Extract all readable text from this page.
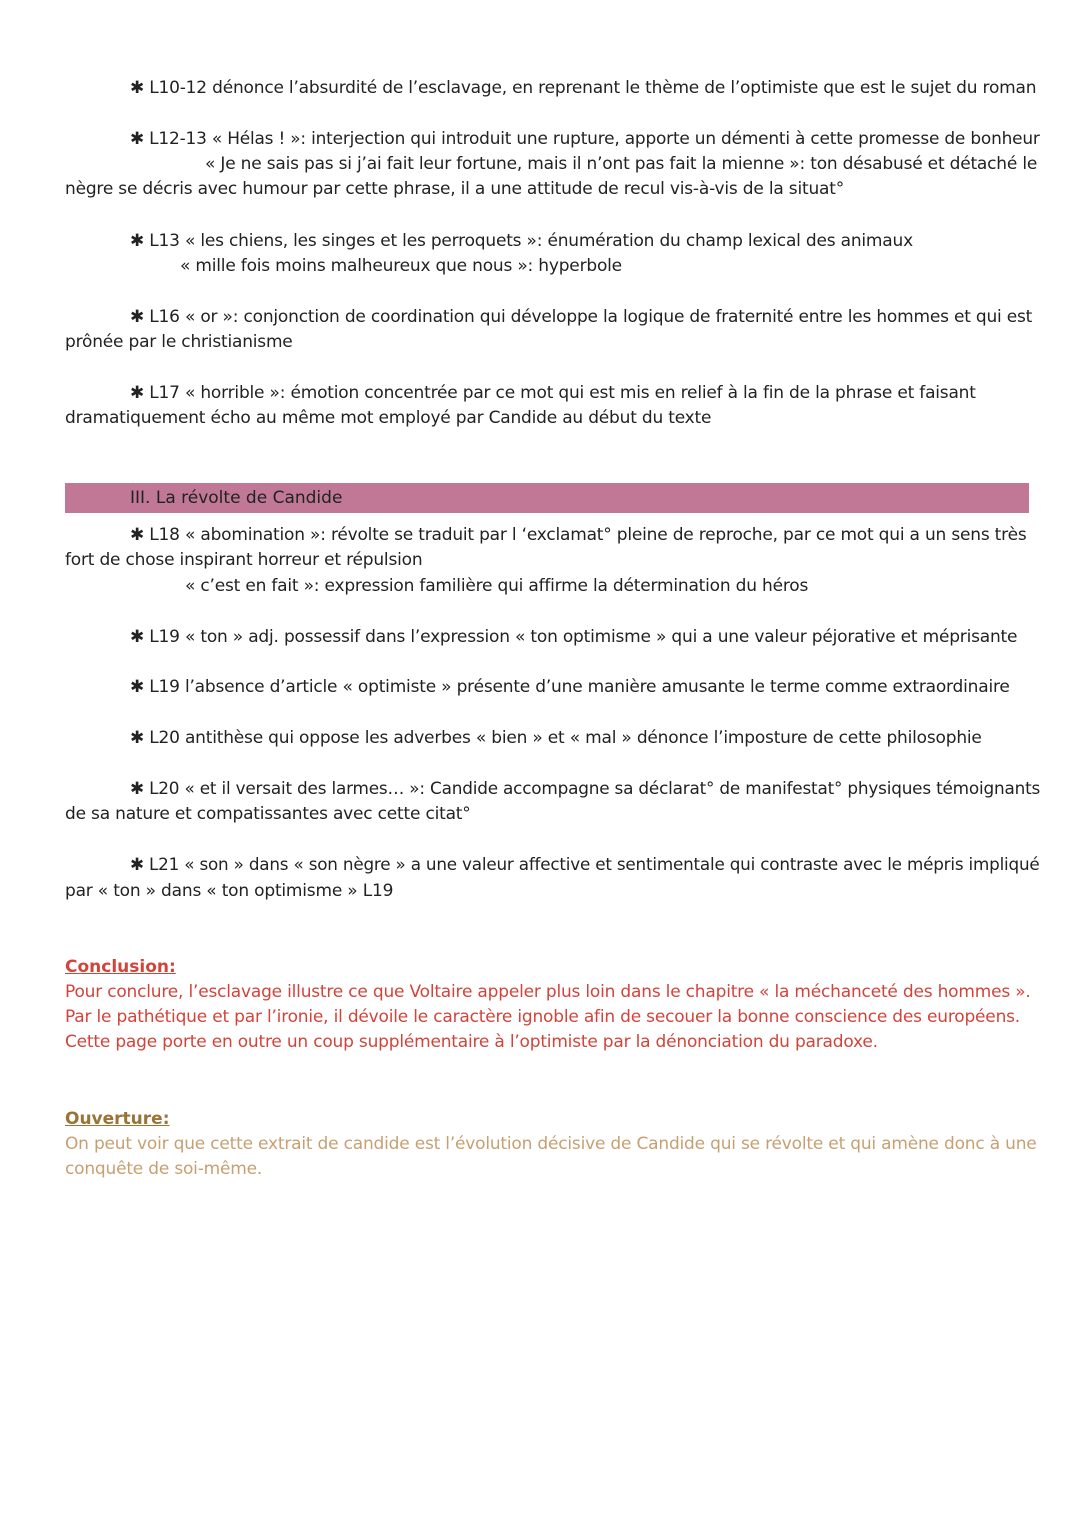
✱ L10-12 dénonce l’absurdité de l’esclavage, en reprenant le thème de l’optimiste que est le sujet du roman
✱ L12-13 « Hélas ! »: interjection qui introduit une rupture, apporte un démenti à cette promesse de bonheur
« Je ne sais pas si j’ai fait leur fortune, mais il n’ont pas fait la mienne »: ton désabusé et détaché le
nègre se décris avec humour par cette phrase, il a une attitude de recul vis-à-vis de la situat°
✱ L13 « les chiens, les singes et les perroquets »: énumération du champ lexical des animaux
« mille fois moins malheureux que nous »: hyperbole
✱ L16 « or »: conjonction de coordination qui développe la logique de fraternité entre les hommes et qui est
prônée par le christianisme
✱ L17 « horrible »: émotion concentrée par ce mot qui est mis en relief à la fin de la phrase et faisant
dramatiquement écho au même mot employé par Candide au début du texte
III. La révolte de Candide
✱ L18 « abomination »: révolte se traduit par l ‘exclamat° pleine de reproche, par ce mot qui a un sens très
fort de chose inspirant horreur et répulsion
« c’est en fait »: expression familière qui affirme la détermination du héros
✱ L19 « ton » adj. possessif dans l’expression « ton optimisme » qui a une valeur péjorative et méprisante
✱ L19 l’absence d’article « optimiste » présente d’une manière amusante le terme comme extraordinaire
✱ L20 antithèse qui oppose les adverbes « bien » et « mal » dénonce l’imposture de cette philosophie
✱ L20 « et il versait des larmes… »: Candide accompagne sa déclarat° de manifestat° physiques témoignants
de sa nature et compatissantes avec cette citat°
✱ L21 « son » dans « son nègre » a une valeur affective et sentimentale qui contraste avec le mépris impliqué
par « ton » dans « ton optimisme » L19
Conclusion:
Pour conclure, l’esclavage illustre ce que Voltaire appeler plus loin dans le chapitre « la méchanceté des hommes ».
Par le pathétique et par l’ironie, il dévoile le caractère ignoble afin de secouer la bonne conscience des européens.
Cette page porte en outre un coup supplémentaire à l’optimiste par la dénonciation du paradoxe.
Ouverture:
On peut voir que cette extrait de candide est l’évolution décisive de Candide qui se révolte et qui amène donc à une
conquête de soi-même.
